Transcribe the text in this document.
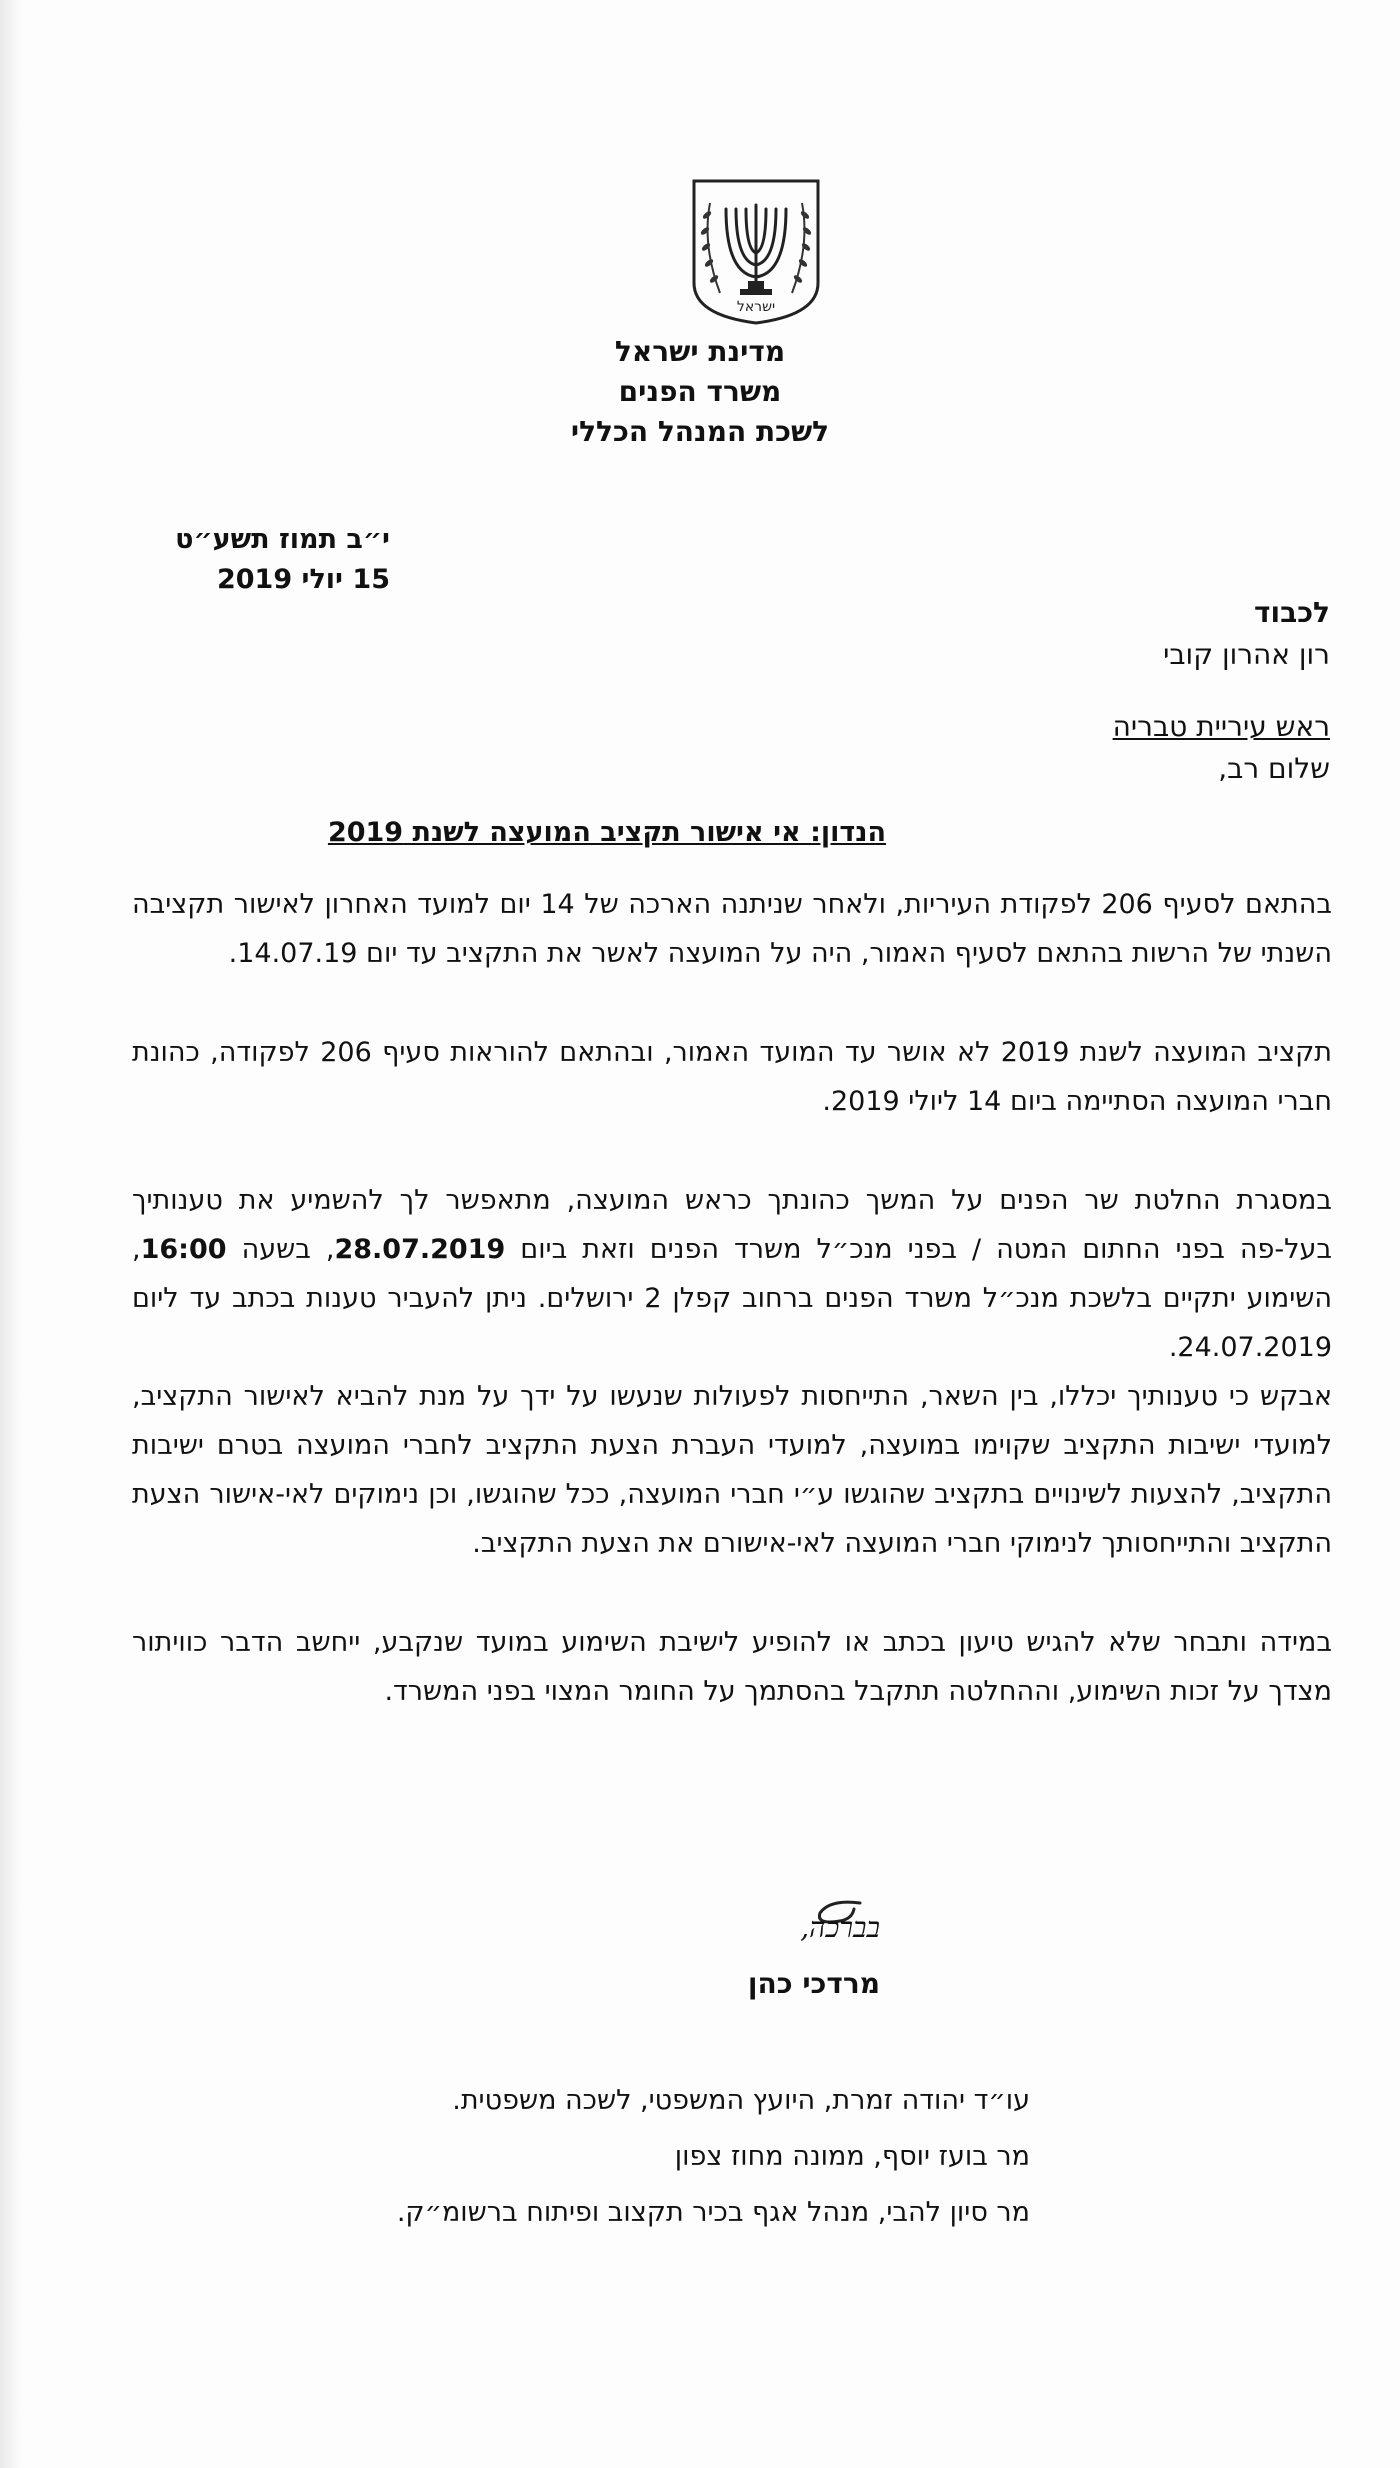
ישראל
מדינת ישראל
משרד הפנים
לשכת המנהל הכללי
י״ב תמוז תשע״ט
15 יולי 2019
לכבוד
רון אהרון קובי
ראש עיריית טבריה
שלום רב,
הנדון: אי אישור תקציב המועצה לשנת 2019

בהתאם לסעיף 206 לפקודת העיריות, ולאחר שניתנה הארכה של 14 יום למועד האחרון לאישור תקציבה השנתי של הרשות בהתאם לסעיף האמור, היה על המועצה לאשר את התקציב עד יום 14.07.19.

תקציב המועצה לשנת 2019 לא אושר עד המועד האמור, ובהתאם להוראות סעיף 206 לפקודה, כהונת חברי המועצה הסתיימה ביום 14 ליולי 2019.

במסגרת החלטת שר הפנים על המשך כהונתך כראש המועצה, מתאפשר לך להשמיע את טענותיך בעל-פה בפני החתום המטה / בפני מנכ״ל משרד הפנים וזאת ביום 28.07.2019, בשעה 16:00, השימוע יתקיים בלשכת מנכ״ל משרד הפנים ברחוב קפלן 2 ירושלים. ניתן להעביר טענות בכתב עד ליום 24.07.2019.

אבקש כי טענותיך יכללו, בין השאר, התייחסות לפעולות שנעשו על ידך על מנת להביא לאישור התקציב, למועדי ישיבות התקציב שקוימו במועצה, למועדי העברת הצעת התקציב לחברי המועצה בטרם ישיבות התקציב, להצעות לשינויים בתקציב שהוגשו ע״י חברי המועצה, ככל שהוגשו, וכן נימוקים לאי-אישור הצעת התקציב והתייחסותך לנימוקי חברי המועצה לאי-אישורם את הצעת התקציב.

במידה ותבחר שלא להגיש טיעון בכתב או להופיע לישיבת השימוע במועד שנקבע, ייחשב הדבר כוויתור מצדך על זכות השימוע, וההחלטה תתקבל בהסתמך על החומר המצוי בפני המשרד.

בברכה,
מרדכי כהן
עו״ד יהודה זמרת, היועץ המשפטי, לשכה משפטית.
מר בועז יוסף, ממונה מחוז צפון
מר סיון להבי, מנהל אגף בכיר תקצוב ופיתוח ברשומ״ק.
